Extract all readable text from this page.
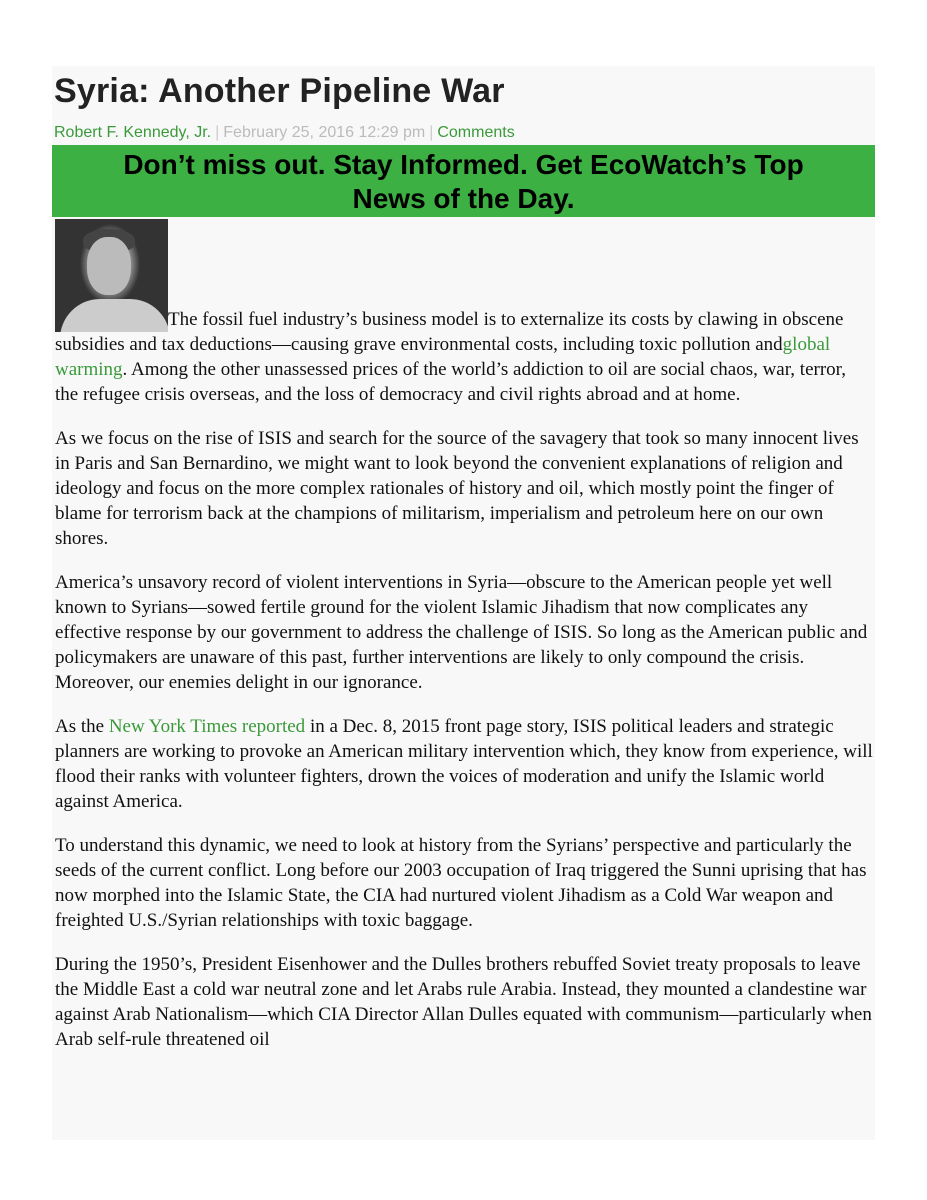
Syria: Another Pipeline War
Robert F. Kennedy, Jr. | February 25, 2016 12:29 pm | Comments
Don’t miss out. Stay Informed. Get EcoWatch’s Top
News of the Day.

The fossil fuel industry’s business model is to externalize its costs by clawing in obscene subsidies and tax deductions—causing grave environmental costs, including toxic pollution andglobal warming. Among the other unassessed prices of the world’s addiction to oil are social chaos, war, terror, the refugee crisis overseas, and the loss of democracy and civil rights abroad and at home.

As we focus on the rise of ISIS and search for the source of the savagery that took so many innocent lives in Paris and San Bernardino, we might want to look beyond the convenient explanations of religion and ideology and focus on the more complex rationales of history and oil, which mostly point the finger of blame for terrorism back at the champions of militarism, imperialism and petroleum here on our own shores.

America’s unsavory record of violent interventions in Syria—obscure to the American people yet well known to Syrians—sowed fertile ground for the violent Islamic Jihadism that now complicates any effective response by our government to address the challenge of ISIS. So long as the American public and policymakers are unaware of this past, further interventions are likely to only compound the crisis. Moreover, our enemies delight in our ignorance.

As the New York Times reported in a Dec. 8, 2015 front page story, ISIS political leaders and strategic planners are working to provoke an American military intervention which, they know from experience, will flood their ranks with volunteer fighters, drown the voices of moderation and unify the Islamic world against America.

To understand this dynamic, we need to look at history from the Syrians’ perspective and particularly the seeds of the current conflict. Long before our 2003 occupation of Iraq triggered the Sunni uprising that has now morphed into the Islamic State, the CIA had nurtured violent Jihadism as a Cold War weapon and freighted U.S./Syrian relationships with toxic baggage.

During the 1950’s, President Eisenhower and the Dulles brothers rebuffed Soviet treaty proposals to leave the Middle East a cold war neutral zone and let Arabs rule Arabia. Instead, they mounted a clandestine war against Arab Nationalism—which CIA Director Allan Dulles equated with communism—particularly when Arab self-rule threatened oil
